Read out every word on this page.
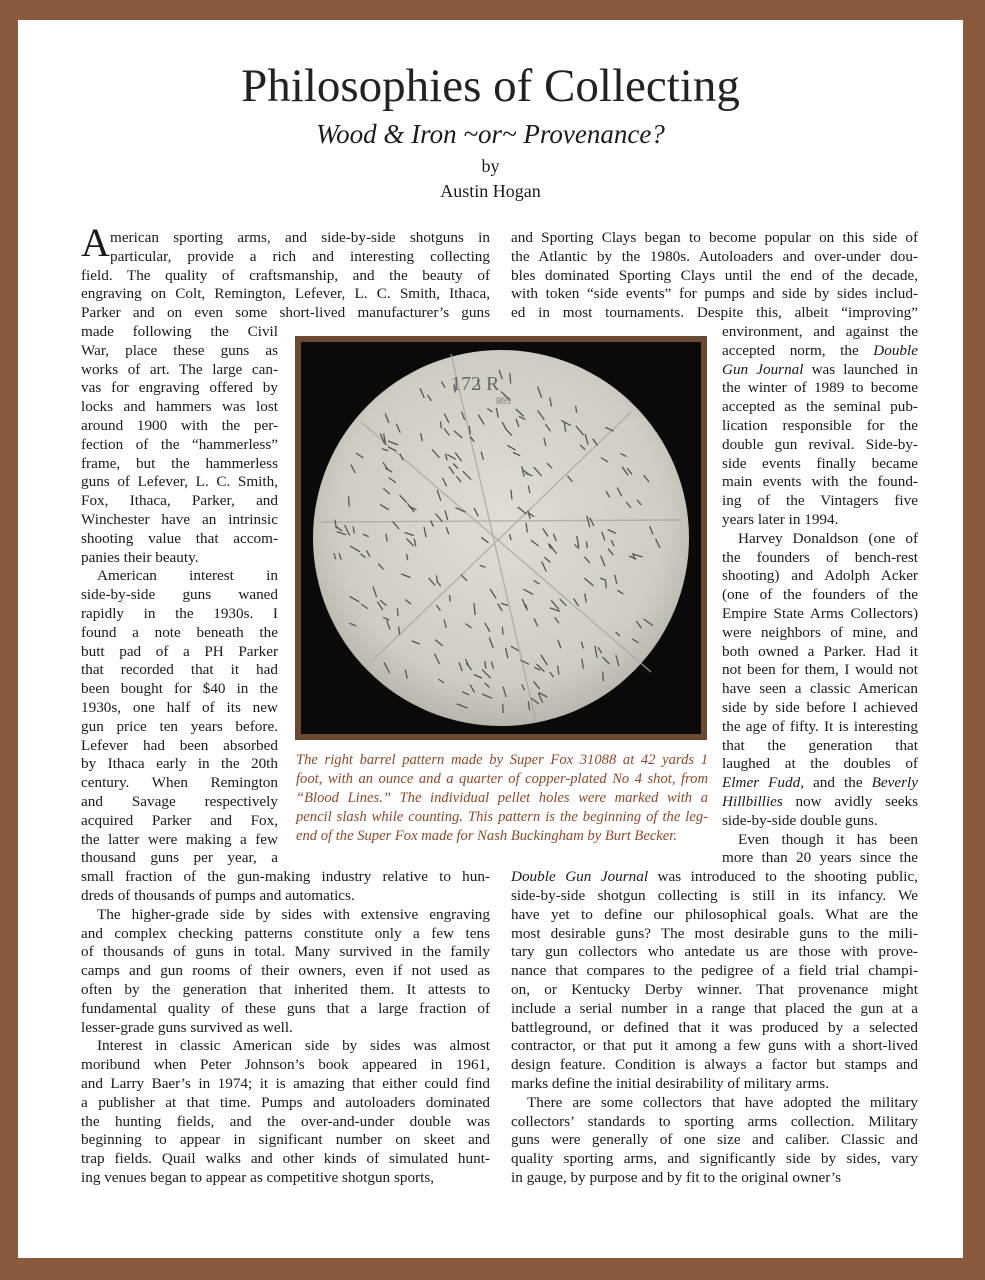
Philosophies of Collecting
Wood & Iron ~or~ Provenance?
by
Austin Hogan
A
172 R
869
The right barrel pattern made by Super Fox 31088 at 42 yards 1
foot, with an ounce and a quarter of copper-plated No 4 shot, from
“Blood Lines.” The individual pellet holes were marked with a
pencil slash while counting. This pattern is the beginning of the leg-
end of the Super Fox made for Nash Buckingham by Burt Becker.
merican sporting arms, and side-by-side shotguns in
particular, provide a rich and interesting collecting
field. The quality of craftsmanship, and the beauty of
engraving on Colt, Remington, Lefever, L. C. Smith, Ithaca,
Parker and on even some short-lived manufacturer’s guns
made following the Civil
War, place these guns as
works of art. The large can-
vas for engraving offered by
locks and hammers was lost
around 1900 with the per-
fection of the “hammerless”
frame, but the hammerless
guns of Lefever, L. C. Smith,
Fox, Ithaca, Parker, and
Winchester have an intrinsic
shooting value that accom-
panies their beauty.
American interest in
side-by-side guns waned
rapidly in the 1930s. I
found a note beneath the
butt pad of a PH Parker
that recorded that it had
been bought for $40 in the
1930s, one half of its new
gun price ten years before.
Lefever had been absorbed
by Ithaca early in the 20th
century. When Remington
and Savage respectively
acquired Parker and Fox,
the latter were making a few
thousand guns per year, a
small fraction of the gun-making industry relative to hun-
dreds of thousands of pumps and automatics.
The higher-grade side by sides with extensive engraving
and complex checking patterns constitute only a few tens
of thousands of guns in total. Many survived in the family
camps and gun rooms of their owners, even if not used as
often by the generation that inherited them. It attests to
fundamental quality of these guns that a large fraction of
lesser-grade guns survived as well.
Interest in classic American side by sides was almost
moribund when Peter Johnson’s book appeared in 1961,
and Larry Baer’s in 1974; it is amazing that either could find
a publisher at that time. Pumps and autoloaders dominated
the hunting fields, and the over-and-under double was
beginning to appear in significant number on skeet and
trap fields. Quail walks and other kinds of simulated hunt-
ing venues began to appear as competitive shotgun sports,
and Sporting Clays began to become popular on this side of
the Atlantic by the 1980s. Autoloaders and over-under dou-
bles dominated Sporting Clays until the end of the decade,
with token “side events” for pumps and side by sides includ-
ed in most tournaments. Despite this, albeit “improving”
environment, and against the
accepted norm, the Double
Gun Journal was launched in
the winter of 1989 to become
accepted as the seminal pub-
lication responsible for the
double gun revival. Side-by-
side events finally became
main events with the found-
ing of the Vintagers five
years later in 1994.
Harvey Donaldson (one of
the founders of bench-rest
shooting) and Adolph Acker
(one of the founders of the
Empire State Arms Collectors)
were neighbors of mine, and
both owned a Parker. Had it
not been for them, I would not
have seen a classic American
side by side before I achieved
the age of fifty. It is interesting
that the generation that
laughed at the doubles of
Elmer Fudd, and the Beverly
Hillbillies now avidly seeks
side-by-side double guns.
Even though it has been
more than 20 years since the
Double Gun Journal was introduced to the shooting public,
side-by-side shotgun collecting is still in its infancy. We
have yet to define our philosophical goals. What are the
most desirable guns? The most desirable guns to the mili-
tary gun collectors who antedate us are those with prove-
nance that compares to the pedigree of a field trial champi-
on, or Kentucky Derby winner. That provenance might
include a serial number in a range that placed the gun at a
battleground, or defined that it was produced by a selected
contractor, or that put it among a few guns with a short-lived
design feature. Condition is always a factor but stamps and
marks define the initial desirability of military arms.
There are some collectors that have adopted the military
collectors’ standards to sporting arms collection. Military
guns were generally of one size and caliber. Classic and
quality sporting arms, and significantly side by sides, vary
in gauge, by purpose and by fit to the original owner’s
